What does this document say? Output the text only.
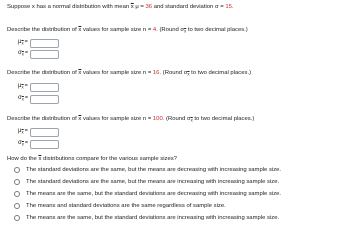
Suppose x has a normal distribution with mean $\overline{x}$ μ = 36 and standard deviation σ = 15.
Describe the distribution of $\overline{x}$ values for sample size n = 4. (Round $\sigma_{\overline{x}}$ to two decimal places.)
$\mu_{\overline{x}}=$
$\sigma_{\overline{x}}=$
Describe the distribution of $\overline{x}$ values for sample size n = 16. (Round $\sigma_{\overline{x}}$ to two decimal places.)
$\mu_{\overline{x}}=$
$\sigma_{\overline{x}}=$
Describe the distribution of $\overline{x}$ values for sample size n = 100. (Round $\sigma_{\overline{x}}$ to two decimal places.)
$\mu_{\overline{x}}=$
$\sigma_{\overline{x}}=$
How do the $\overline{x}$ distributions compare for the various sample sizes?
The standard deviations are the same, but the means are decreasing with increasing sample size.
The standard deviations are the same, but the means are increasing with increasing sample size.
The means are the same, but the standard deviations are decreasing with increasing sample size.
The means and standard deviations are the same regardless of sample size.
The means are the same, but the standard deviations are increasing with increasing sample size.
